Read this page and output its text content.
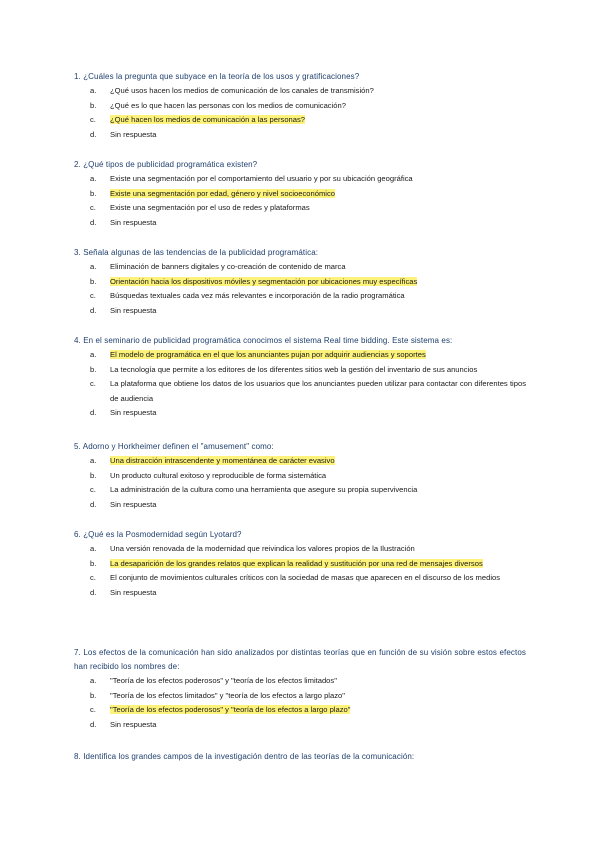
1. ¿Cuáles la pregunta que subyace en la teoría de los usos y gratificaciones?
a.	¿Qué usos hacen los medios de comunicación de los canales de transmisión?
b.	¿Qué es lo que hacen las personas con los medios de comunicación?
c.	¿Qué hacen los medios de comunicación a las personas?
d.	Sin respuesta
2. ¿Qué tipos de publicidad programática existen?
a.	Existe una segmentación por el comportamiento del usuario y por su ubicación geográfica
b.	Existe una segmentación por edad, género y nivel socioeconómico
c.	Existe una segmentación por el uso de redes y plataformas
d.	Sin respuesta
3. Señala algunas de las tendencias de la publicidad programática:
a.	Eliminación de banners digitales y co-creación de contenido de marca
b.	Orientación hacia los dispositivos móviles y segmentación por ubicaciones muy específicas
c.	Búsquedas textuales cada vez más relevantes e incorporación de la radio programática
d.	Sin respuesta
4. En el seminario de publicidad programática conocimos el sistema Real time bidding. Este sistema es:
a.	El modelo de programática en el que los anunciantes pujan por adquirir audiencias y soportes
b.	La tecnología que permite a los editores de los diferentes sitios web la gestión del inventario de sus anuncios
c.	La plataforma que obtiene los datos de los usuarios que los anunciantes pueden utilizar para contactar con diferentes tipos de audiencia
d.	Sin respuesta
5. Adorno y Horkheimer definen el "amusement" como:
a.	Una distracción intrascendente y momentánea de carácter evasivo
b.	Un producto cultural exitoso y reproducible de forma sistemática
c.	La administración de la cultura como una herramienta que asegure su propia supervivencia
d.	Sin respuesta
6. ¿Qué es la Posmodernidad según Lyotard?
a.	Una versión renovada de la modernidad que reivindica los valores propios de la Ilustración
b.	La desaparición de los grandes relatos que explican la realidad y sustitución por una red de mensajes diversos
c.	El conjunto de movimientos culturales críticos con la sociedad de masas que aparecen en el discurso de los medios
d.	Sin respuesta
7. Los efectos de la comunicación han sido analizados por distintas teorías que en función de su visión sobre estos efectos han recibido los nombres de:
a.	"Teoría de los efectos poderosos" y "teoría de los efectos limitados"
b.	"Teoría de los efectos limitados" y "teoría de los efectos a largo plazo"
c.	"Teoría de los efectos poderosos" y "teoría de los efectos a largo plazo"
d.	Sin respuesta
8. Identifica los grandes campos de la investigación dentro de las teorías de la comunicación:
